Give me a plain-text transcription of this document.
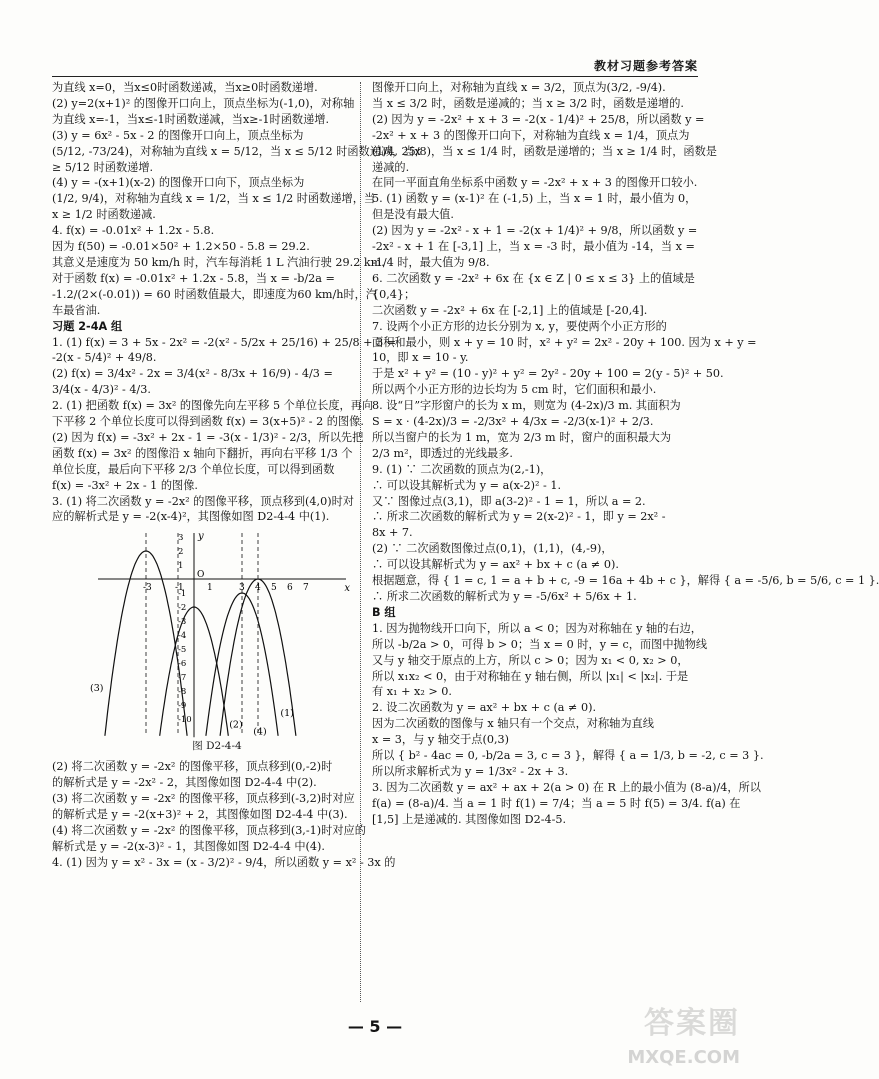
教材习题参考答案
为直线 x=0，当x≤0时函数递减，当x≥0时函数递增.
(2) y=2(x+1)² 的图像开口向上，顶点坐标为(-1,0)，对称轴
为直线 x=-1，当x≤-1时函数递减，当x≥-1时函数递增.
(3) y = 6x² - 5x - 2 的图像开口向上，顶点坐标为
(5/12, -73/24)，对称轴为直线 x = 5/12，当 x ≤ 5/12 时函数递减，当x
≥ 5/12 时函数递增.
(4) y = -(x+1)(x-2) 的图像开口向下，顶点坐标为
(1/2, 9/4)，对称轴为直线 x = 1/2，当 x ≤ 1/2 时函数递增，当
x ≥ 1/2 时函数递减.
4. f(x) = -0.01x² + 1.2x - 5.8.
因为 f(50) = -0.01×50² + 1.2×50 - 5.8 = 29.2.
其意义是速度为 50 km/h 时，汽车每消耗 1 L 汽油行驶 29.2 km.
对于函数 f(x) = -0.01x² + 1.2x - 5.8，当 x = -b/2a =
-1.2/(2×(-0.01)) = 60 时函数值最大，即速度为60 km/h时，汽
车最省油.
习题 2-4A 组
1. (1) f(x) = 3 + 5x - 2x² = -2(x² - 5/2x + 25/16) + 25/8 + 3 =
-2(x - 5/4)² + 49/8.
(2) f(x) = 3/4x² - 2x = 3/4(x² - 8/3x + 16/9) - 4/3 =
3/4(x - 4/3)² - 4/3.
2. (1) 把函数 f(x) = 3x² 的图像先向左平移 5 个单位长度，再向
下平移 2 个单位长度可以得到函数 f(x) = 3(x+5)² - 2 的图像.
(2) 因为 f(x) = -3x² + 2x - 1 = -3(x - 1/3)² - 2/3，所以先把
函数 f(x) = 3x² 的图像沿 x 轴向下翻折，再向右平移 1/3 个
单位长度，最后向下平移 2/3 个单位长度，可以得到函数
f(x) = -3x² + 2x - 1 的图像.
3. (1) 将二次函数 y = -2x² 的图像平移，顶点移到(4,0)时对
应的解析式是 y = -2(x-4)²，其图像如图 D2-4-4 中(1).
x
y
O
-3	-1	1	3 4 5 6 7
3
2
1
-1
-2
-3
-4
-5
-6
-7
-8
-9
-10
(1)
(2)
(3)
(4)
图 D2-4-4
(2) 将二次函数 y = -2x² 的图像平移，顶点移到(0,-2)时
的解析式是 y = -2x² - 2，其图像如图 D2-4-4 中(2).
(3) 将二次函数 y = -2x² 的图像平移，顶点移到(-3,2)时对应
的解析式是 y = -2(x+3)² + 2，其图像如图 D2-4-4 中(3).
(4) 将二次函数 y = -2x² 的图像平移，顶点移到(3,-1)时对应的
解析式是 y = -2(x-3)² - 1，其图像如图 D2-4-4 中(4).
4. (1) 因为 y = x² - 3x = (x - 3/2)² - 9/4，所以函数 y = x² - 3x 的
图像开口向上，对称轴为直线 x = 3/2，顶点为(3/2, -9/4).
当 x ≤ 3/2 时，函数是递减的；当 x ≥ 3/2 时，函数是递增的.
(2) 因为 y = -2x² + x + 3 = -2(x - 1/4)² + 25/8，所以函数 y =
-2x² + x + 3 的图像开口向下，对称轴为直线 x = 1/4，顶点为
(1/4, 25/8)，当 x ≤ 1/4 时，函数是递增的；当 x ≥ 1/4 时，函数是
递减的.
在同一平面直角坐标系中函数 y = -2x² + x + 3 的图像开口较小.
5. (1) 函数 y = (x-1)² 在 (-1,5) 上，当 x = 1 时，最小值为 0，
但是没有最大值.
(2) 因为 y = -2x² - x + 1 = -2(x + 1/4)² + 9/8，所以函数 y =
-2x² - x + 1 在 [-3,1] 上，当 x = -3 时，最小值为 -14，当 x =
-1/4 时，最大值为 9/8.
6. 二次函数 y = -2x² + 6x 在 {x ∈ Z | 0 ≤ x ≤ 3} 上的值域是
{0,4}；
二次函数 y = -2x² + 6x 在 [-2,1] 上的值域是 [-20,4].
7. 设两个小正方形的边长分别为 x, y，要使两个小正方形的
面积和最小，则 x + y = 10 时，x² + y² = 2x² - 20y + 100. 因为 x + y =
10，即 x = 10 - y.
于是 x² + y² = (10 - y)² + y² = 2y² - 20y + 100 = 2(y - 5)² + 50.
所以两个小正方形的边长均为 5 cm 时，它们面积和最小.
8. 设“日”字形窗户的长为 x m，则宽为 (4-2x)/3 m. 其面积为
S = x · (4-2x)/3 = -2/3x² + 4/3x = -2/3(x-1)² + 2/3.
所以当窗户的长为 1 m，宽为 2/3 m 时，窗户的面积最大为
2/3 m²，即透过的光线最多.
9. (1) ∵ 二次函数的顶点为(2,-1)，
∴ 可以设其解析式为 y = a(x-2)² - 1.
又∵ 图像过点(3,1)，即 a(3-2)² - 1 = 1，所以 a = 2.
∴ 所求二次函数的解析式为 y = 2(x-2)² - 1，即 y = 2x² -
8x + 7.
(2) ∵ 二次函数图像过点(0,1)，(1,1)，(4,-9)，
∴ 可以设其解析式为 y = ax² + bx + c (a ≠ 0).
根据题意，得 { 1 = c, 1 = a + b + c, -9 = 16a + 4b + c }，解得 { a = -5/6, b = 5/6, c = 1 }.
∴ 所求二次函数的解析式为 y = -5/6x² + 5/6x + 1.
B 组
1. 因为抛物线开口向下，所以 a < 0；因为对称轴在 y 轴的右边，
所以 -b/2a > 0，可得 b > 0；当 x = 0 时，y = c，而图中抛物线
又与 y 轴交于原点的上方，所以 c > 0；因为 x₁ < 0, x₂ > 0，
所以 x₁x₂ < 0，由于对称轴在 y 轴右侧，所以 |x₁| < |x₂|. 于是
有 x₁ + x₂ > 0.
2. 设二次函数为 y = ax² + bx + c (a ≠ 0).
因为二次函数的图像与 x 轴只有一个交点，对称轴为直线
x = 3，与 y 轴交于点(0,3)
所以 { b² - 4ac = 0, -b/2a = 3, c = 3 }，解得 { a = 1/3, b = -2, c = 3 }.
所以所求解析式为 y = 1/3x² - 2x + 3.
3. 因为二次函数 y = ax² + ax + 2(a > 0) 在 R 上的最小值为 (8-a)/4，所以
f(a) = (8-a)/4. 当 a = 1 时 f(1) = 7/4；当 a = 5 时 f(5) = 3/4. f(a) 在
[1,5] 上是递减的. 其图像如图 D2-4-5.
— 5 —	答案圈
MXQE.COM
